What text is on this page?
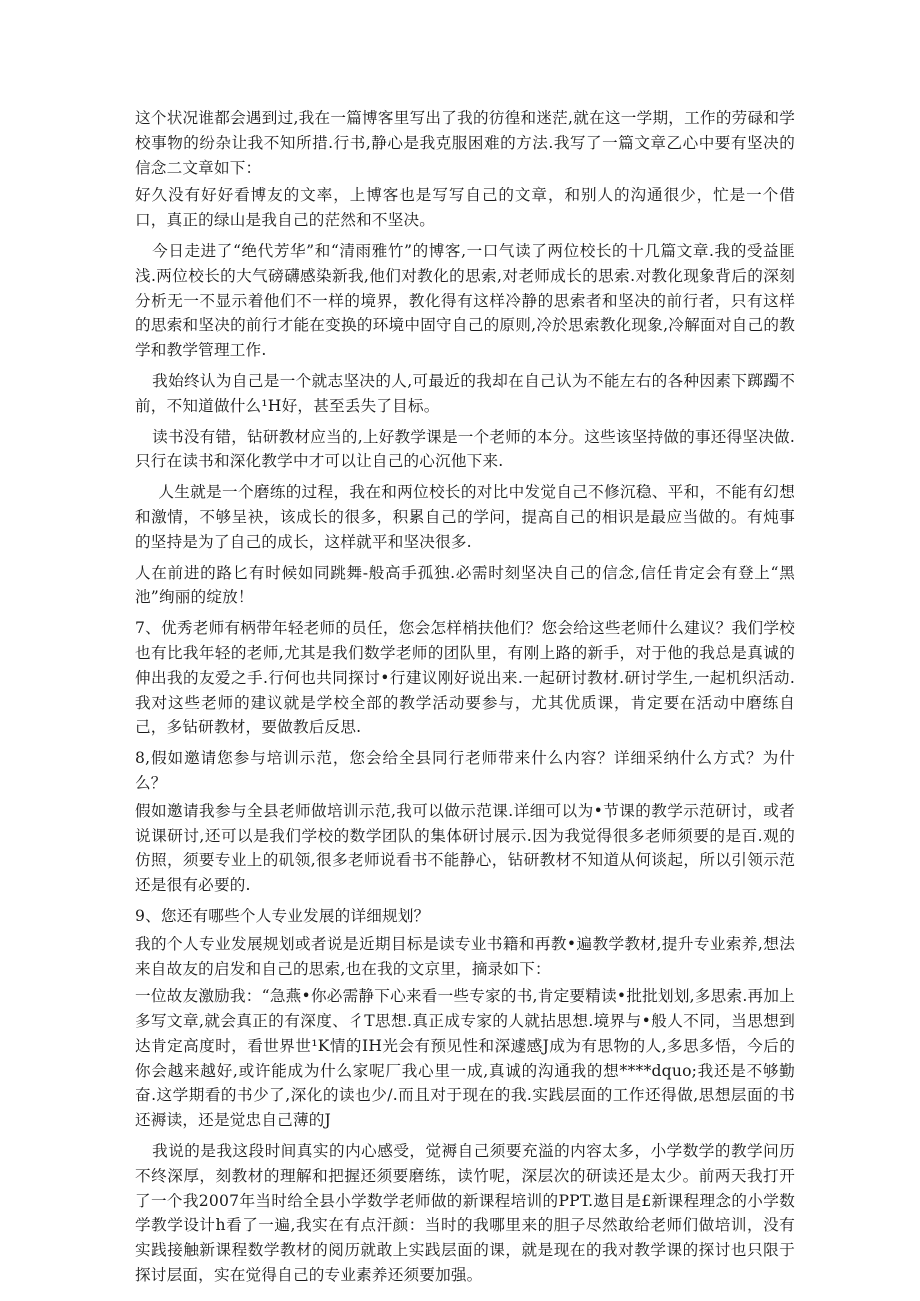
这个状况谁都会遇到过,我在一篇博客里写出了我的彷徨和迷茫,就在这一学期，工作的劳碌和学校事物的纷杂让我不知所措.行书,静心是我克服困难的方法.我写了一篇文章乙心中要有坚决的信念二文章如下：

好久没有好好看博友的文率，上博客也是写写自己的文章，和别人的沟通很少，忙是一个借口，真正的绿山是我自己的茫然和不坚决。

今日走进了“绝代芳华”和“清雨雅竹”的博客,一口气读了两位校长的十几篇文章.我的受益匪浅.两位校长的大气磅礴感染新我,他们对教化的思索,对老师成长的思索.对教化现象背后的深刻分析无一不显示着他们不一样的境界，教化得有这样冷静的思索者和坚决的前行者，只有这样的思索和坚决的前行才能在变换的环境中固守自己的原则,冷於思索教化现象,冷解面对自己的教学和教学管理工作.

我始终认为自己是一个就志坚决的人,可最近的我却在自己认为不能左右的各种因素下踯躅不前，不知道做什么¹H好，甚至丢失了目标。

读书没有错，钻研教材应当的,上好教学课是一个老师的本分。这些该坚持做的事还得坚决做.只行在读书和深化教学中才可以让自己的心沉他下来.

人生就是一个磨练的过程，我在和两位校长的对比中发觉自己不修沉稳、平和，不能有幻想和激情，不够呈袂，该成长的很多，积累自己的学问，提高自己的相识是最应当做的。有炖事的坚持是为了自己的成长，这样就平和坚决很多.

人在前进的路匕有时候如同跳舞-般高手孤独.必需时刻坚决自己的信念,信任肯定会有登上“黑池”绚丽的绽放！

7、优秀老师有柄带年轻老师的员任，您会怎样梢扶他们？您会给这些老师什么建议？我们学校也有比我年轻的老师,尤其是我们数学老师的团队里，有刚上路的新手，对于他的我总是真诚的伸出我的友爱之手.行何也共同探讨•行建议刚好说出来.一起研讨教材.研讨学生,一起机织活动.我对这些老师的建议就是学校全部的教学活动要参与，尤其优质课，肯定要在活动中磨练自己，多钻研教材，要做教后反思.

8,假如邀请您参与培训示范，您会给全县同行老师带来什么内容？详细采纳什么方式？为什么？

假如邀请我参与全县老师做培训示范,我可以做示范课.详细可以为•节课的教学示范研讨，或者说课研讨,还可以是我们学校的数学团队的集体研讨展示.因为我觉得很多老师须要的是百.观的仿照，须要专业上的矶领,很多老师说看书不能静心，钻研教材不知道从何谈起，所以引领示范还是很有必要的.

9、您还有哪些个人专业发展的详细规划？

我的个人专业发展规划或者说是近期目标是读专业书籍和再教•遍教学教材,提升专业索养,想法来自故友的启发和自己的思索,也在我的文京里，摘录如下：

一位故友激励我：“急燕•你必需静下心来看一些专家的书,肯定要精读•批批划划,多思索.再加上多写文章,就会真正的有深度、彳T思想.真正成专家的人就拈思想.境界与•般人不同，当思想到达肯定高度时，看世界世¹K情的IH光会有预见性和深遽感J成为有思物的人,多思多悟，今后的你会越来越好,或许能成为什么家呢厂我心里一成,真诚的沟通我的想****dquo;我还是不够勤奋.这学期看的书少了,深化的读也少/.而且对于现在的我.实践层面的工作还得做,思想层面的书还褥读，还是觉忠自己薄的J

我说的是我这段时间真实的内心感受，觉褥自己须要充溢的内容太多，小学数学的教学问历不终深厚，刻教材的理解和把握还须要磨练，读竹呢，深层次的研读还是太少。前两天我打开了一个我2007年当时给全县小学数学老师做的新课程培训的PPT.遨目是£新课程理念的小学数学教学设计h看了一遍,我实在有点汗颜：当时的我哪里来的胆子尽然敢给老师们做培训，没有实践接触新课程数学教材的阅历就敢上实践层面的课，就是现在的我对教学课的探讨也只限于探讨层面，实在觉得自己的专业素养还须要加强。
